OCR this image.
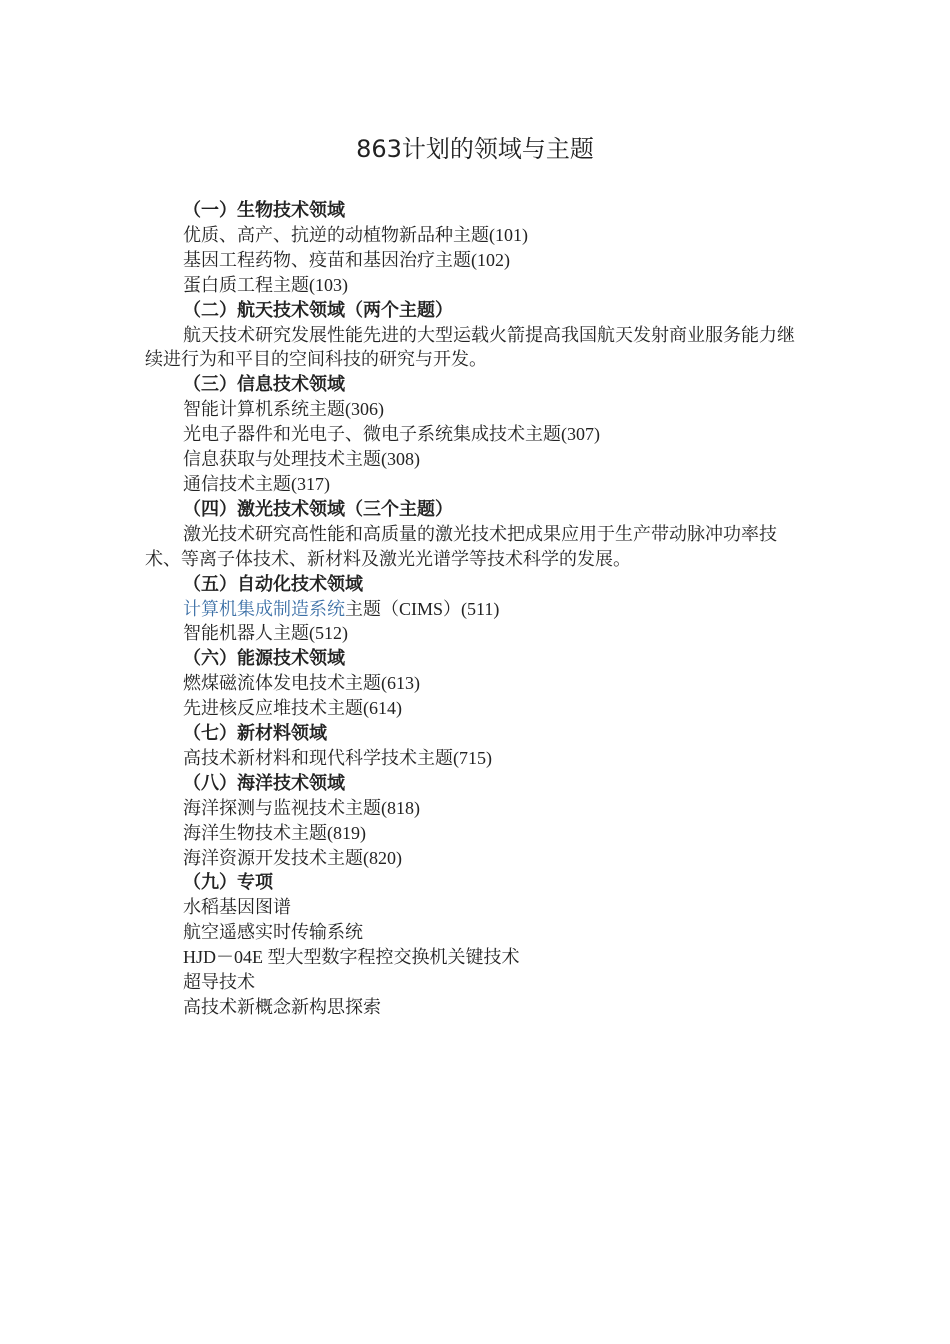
863计划的领域与主题
（一）生物技术领域
优质、高产、抗逆的动植物新品种主题(101)
基因工程药物、疫苗和基因治疗主题(102)
蛋白质工程主题(103)
（二）航天技术领域（两个主题）

航天技术研究发展性能先进的大型运载火箭提高我国航天发射商业服务能力继续进行为和平目的空间科技的研究与开发。

（三）信息技术领域
智能计算机系统主题(306)
光电子器件和光电子、微电子系统集成技术主题(307)
信息获取与处理技术主题(308)
通信技术主题(317)
（四）激光技术领域（三个主题）

激光技术研究高性能和高质量的激光技术把成果应用于生产带动脉冲功率技术、等离子体技术、新材料及激光光谱学等技术科学的发展。

（五）自动化技术领域
计算机集成制造系统主题（CIMS）(511)
智能机器人主题(512)
（六）能源技术领域
燃煤磁流体发电技术主题(613)
先进核反应堆技术主题(614)
（七）新材料领域
高技术新材料和现代科学技术主题(715)
（八）海洋技术领域
海洋探测与监视技术主题(818)
海洋生物技术主题(819)
海洋资源开发技术主题(820)
（九）专项
水稻基因图谱
航空遥感实时传输系统
HJD－04E 型大型数字程控交换机关键技术
超导技术
高技术新概念新构思探索
